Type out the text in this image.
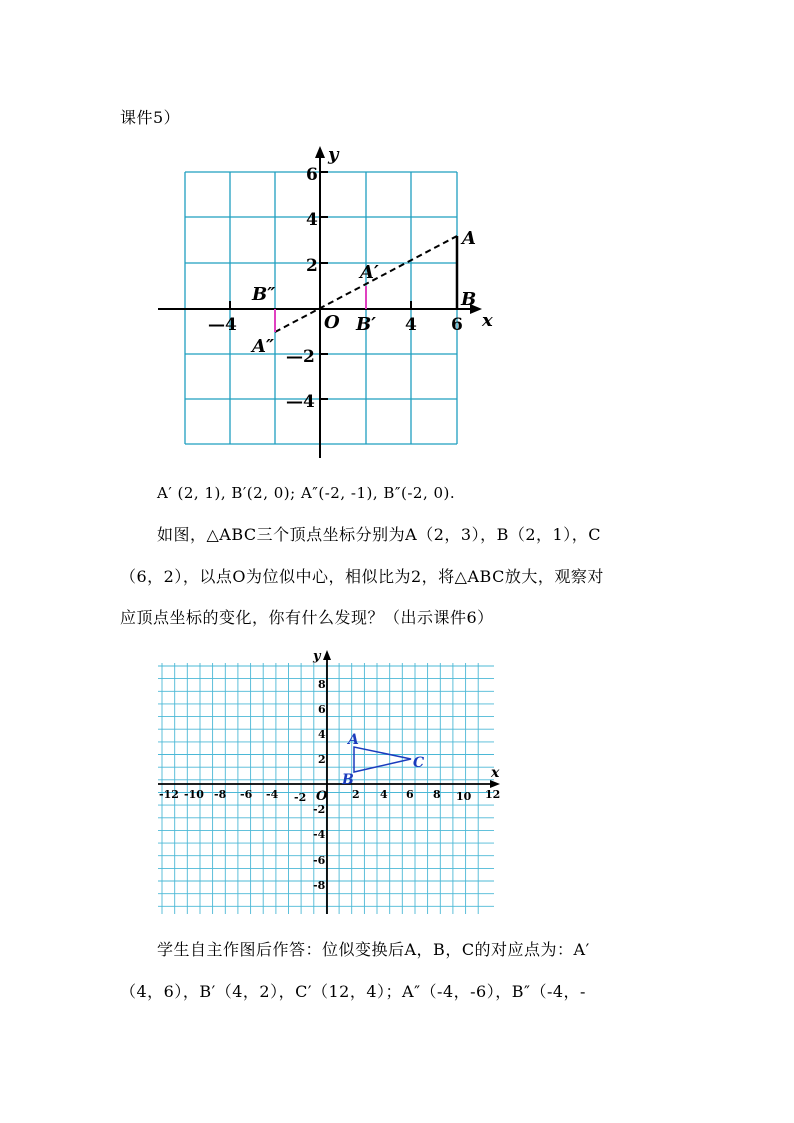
课件5）
y
x
O
6
4
2
—2
—4
—4	4 6
A
B
A′
B′
A″
B″
A′ (2, 1), B′(2, 0); A″(-2, -1), B″(-2, 0).
如图，△ABC三个顶点坐标分别为A（2，3），B（2，1），C
（6，2），以点O为位似中心，相似比为2，将△ABC放大，观察对
应顶点坐标的变化，你有什么发现？（出示课件6）
y
x
O
-12 -10 -8 -6 -4 -2	2 4 6 8 10 12
8
6
4
2
-2
-4
-6
-8
A
B
C
学生自主作图后作答：位似变换后A，B，C的对应点为：A′
（4，6），B′（4，2），C′（12，4）；A″（-4，-6），B″（-4，-
